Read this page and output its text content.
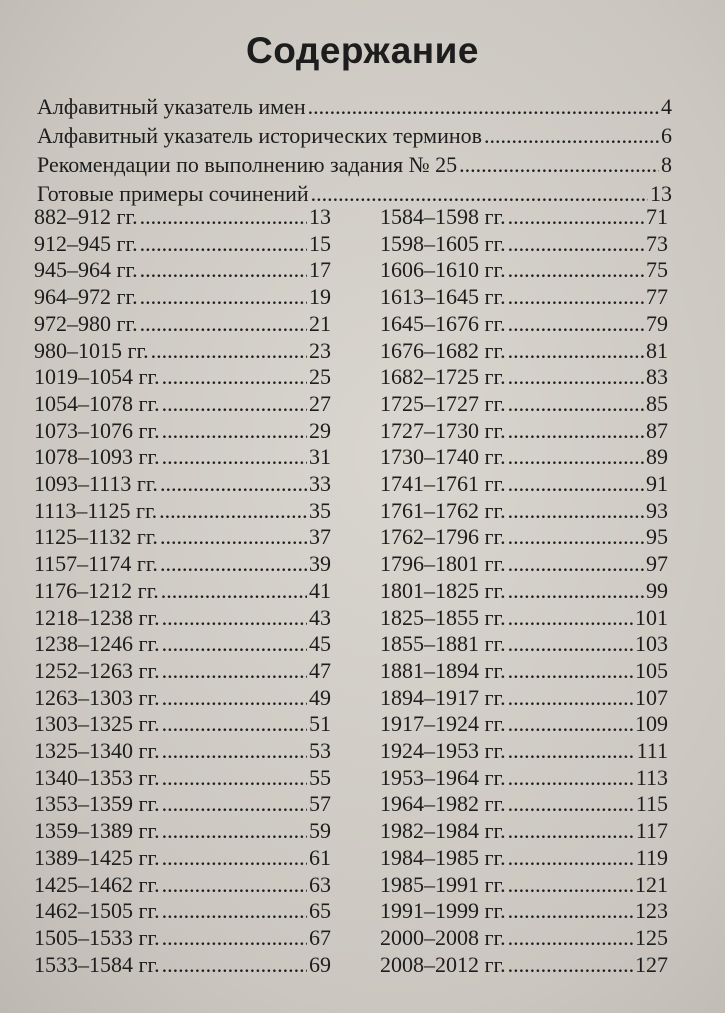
Содержание
Алфавитный указатель имен .....	4
Алфавитный указатель исторических терминов .....	6
Рекомендации по выполнению задания № 25 .....	8
Готовые примеры сочинений .....	13
882–912 гг. .....	13
912–945 гг. .....	15
945–964 гг. .....	17
964–972 гг. .....	19
972–980 гг. .....	21
980–1015 гг. .....	23
1019–1054 гг. .....	25
1054–1078 гг. .....	27
1073–1076 гг. .....	29
1078–1093 гг. .....	31
1093–1113 гг. .....	33
1113–1125 гг. .....	35
1125–1132 гг. .....	37
1157–1174 гг. .....	39
1176–1212 гг. .....	41
1218–1238 гг. .....	43
1238–1246 гг. .....	45
1252–1263 гг. .....	47
1263–1303 гг. .....	49
1303–1325 гг. .....	51
1325–1340 гг. .....	53
1340–1353 гг. .....	55
1353–1359 гг. .....	57
1359–1389 гг. .....	59
1389–1425 гг. .....	61
1425–1462 гг. .....	63
1462–1505 гг. .....	65
1505–1533 гг. .....	67
1533–1584 гг. .....	69
1584–1598 гг. .....	71
1598–1605 гг. .....	73
1606–1610 гг. .....	75
1613–1645 гг. .....	77
1645–1676 гг. .....	79
1676–1682 гг. .....	81
1682–1725 гг. .....	83
1725–1727 гг. .....	85
1727–1730 гг. .....	87
1730–1740 гг. .....	89
1741–1761 гг. .....	91
1761–1762 гг. .....	93
1762–1796 гг. .....	95
1796–1801 гг. .....	97
1801–1825 гг. .....	99
1825–1855 гг. .....	101
1855–1881 гг. .....	103
1881–1894 гг. .....	105
1894–1917 гг. .....	107
1917–1924 гг. .....	109
1924–1953 гг. .....	111
1953–1964 гг. .....	113
1964–1982 гг. .....	115
1982–1984 гг. .....	117
1984–1985 гг. .....	119
1985–1991 гг. .....	121
1991–1999 гг. .....	123
2000–2008 гг. .....	125
2008–2012 гг. .....	127
